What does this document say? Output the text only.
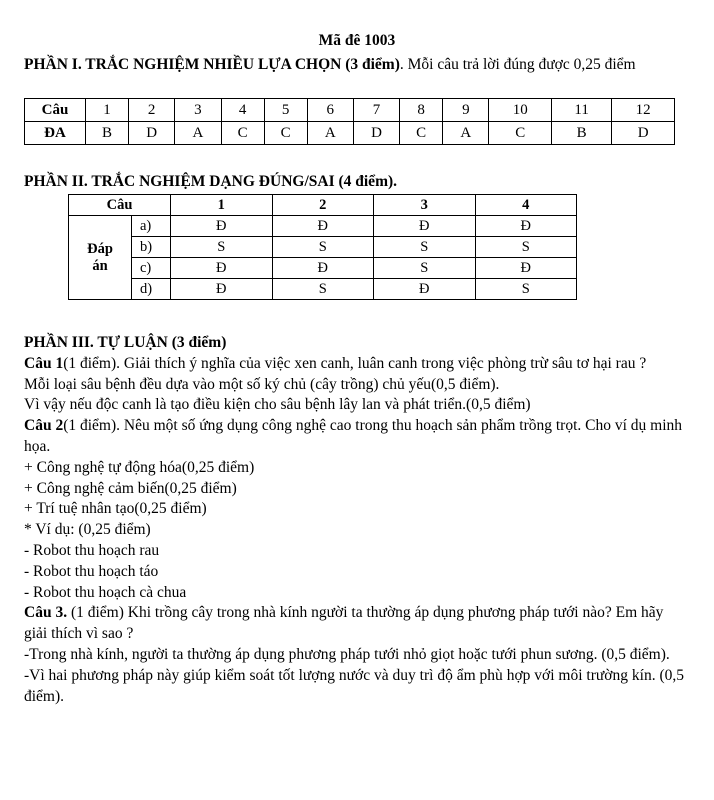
Mã đê 1003
PHẦN I. TRẮC NGHIỆM NHIỀU LỰA CHỌN (3 điểm). Mỗi câu trả lời đúng được 0,25 điểm
Câu	1	2	3	4	5	6	7	8	9	10	11	12
ĐA	B	D	A	C	C	A	D	C	A	C	B	D
PHẦN II. TRẮC NGHIỆM DẠNG ĐÚNG/SAI (4 điểm).
Câu		1	2	3	4
Đáp
án	a)	Đ	Đ	Đ	Đ
	b)	S	S	S	S
	c)	Đ	Đ	S	Đ
	d)	Đ	S	Đ	S
PHẦN III. TỰ LUẬN (3 điểm)
Câu 1(1 điểm). Giải thích ý nghĩa của việc xen canh, luân canh trong việc phòng trừ sâu tơ hại rau ?
Mỗi loại sâu bệnh đều dựa vào một số ký chủ (cây trồng) chủ yếu(0,5 điểm).
Vì vậy nếu độc canh là tạo điều kiện cho sâu bệnh lây lan và phát triển.(0,5 điểm)
Câu 2(1 điểm). Nêu một số ứng dụng công nghệ cao trong thu hoạch sản phẩm trồng trọt. Cho ví dụ minh họa.
+ Công nghệ tự động hóa(0,25 điểm)
+ Công nghệ cảm biến(0,25 điểm)
+ Trí tuệ nhân tạo(0,25 điểm)
* Ví dụ: (0,25 điểm)
- Robot thu hoạch rau
- Robot thu hoạch táo
- Robot thu hoạch cà chua
Câu 3. (1 điểm) Khi trồng cây trong nhà kính người ta thường áp dụng phương pháp tưới nào? Em hãy giải thích vì sao ?
-Trong nhà kính, người ta thường áp dụng phương pháp tưới nhỏ giọt hoặc tưới phun sương. (0,5 điểm).
-Vì hai phương pháp này giúp kiểm soát tốt lượng nước và duy trì độ ẩm phù hợp với môi trường kín. (0,5 điểm).
